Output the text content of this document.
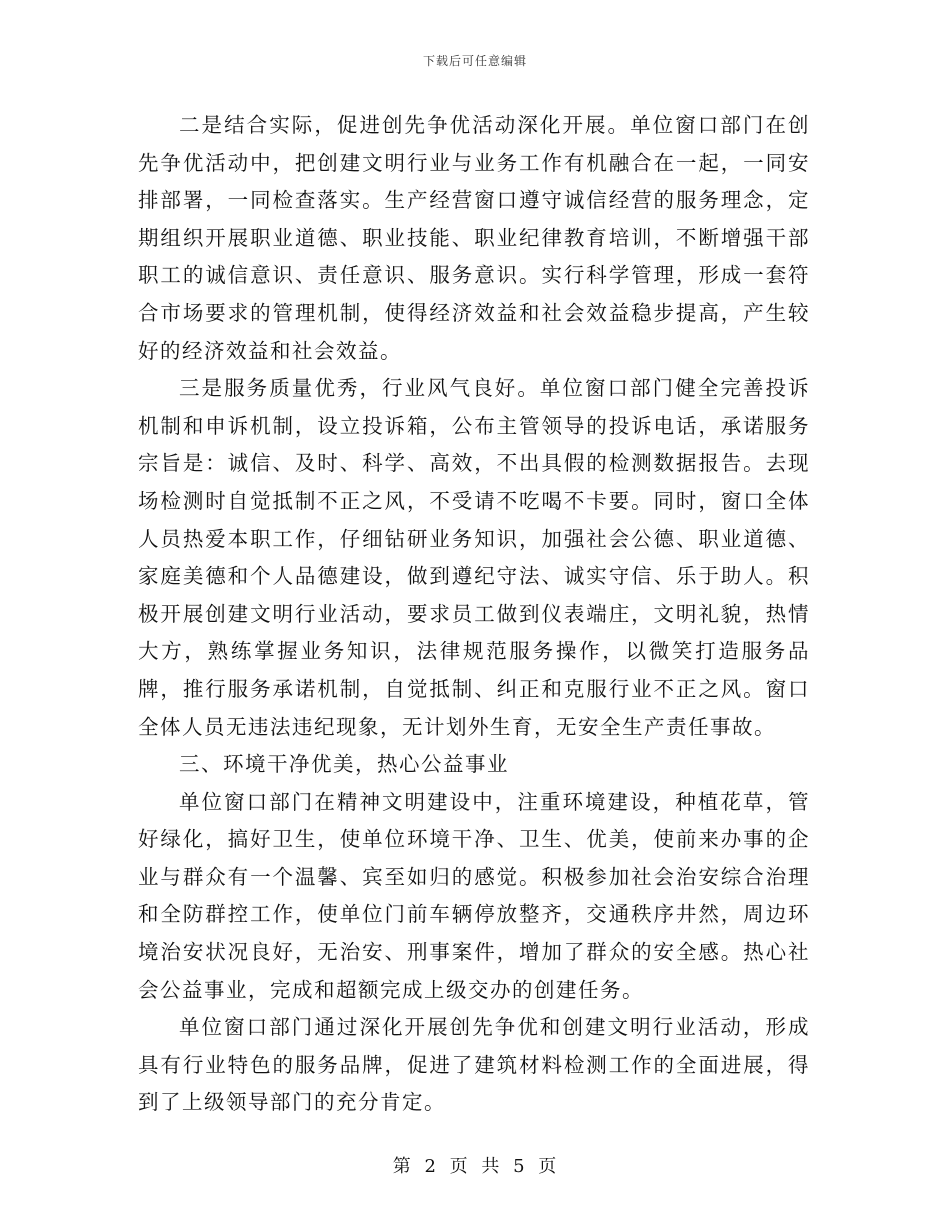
下载后可任意编辑

二是结合实际，促进创先争优活动深化开展。单位窗口部门在创先争优活动中，把创建文明行业与业务工作有机融合在一起，一同安排部署，一同检查落实。生产经营窗口遵守诚信经营的服务理念，定期组织开展职业道德、职业技能、职业纪律教育培训，不断增强干部职工的诚信意识、责任意识、服务意识。实行科学管理，形成一套符合市场要求的管理机制，使得经济效益和社会效益稳步提高，产生较好的经济效益和社会效益。

三是服务质量优秀，行业风气良好。单位窗口部门健全完善投诉机制和申诉机制，设立投诉箱，公布主管领导的投诉电话，承诺服务宗旨是：诚信、及时、科学、高效，不出具假的检测数据报告。去现场检测时自觉抵制不正之风，不受请不吃喝不卡要。同时，窗口全体人员热爱本职工作，仔细钻研业务知识，加强社会公德、职业道德、家庭美德和个人品德建设，做到遵纪守法、诚实守信、乐于助人。积极开展创建文明行业活动，要求员工做到仪表端庄，文明礼貌，热情大方，熟练掌握业务知识，法律规范服务操作，以微笑打造服务品牌，推行服务承诺机制，自觉抵制、纠正和克服行业不正之风。窗口全体人员无违法违纪现象，无计划外生育，无安全生产责任事故。

三、环境干净优美，热心公益事业

单位窗口部门在精神文明建设中，注重环境建设，种植花草，管好绿化，搞好卫生，使单位环境干净、卫生、优美，使前来办事的企业与群众有一个温馨、宾至如归的感觉。积极参加社会治安综合治理和全防群控工作，使单位门前车辆停放整齐，交通秩序井然，周边环境治安状况良好，无治安、刑事案件，增加了群众的安全感。热心社会公益事业，完成和超额完成上级交办的创建任务。

单位窗口部门通过深化开展创先争优和创建文明行业活动，形成具有行业特色的服务品牌，促进了建筑材料检测工作的全面进展，得到了上级领导部门的充分肯定。

第 2 页 共 5 页
